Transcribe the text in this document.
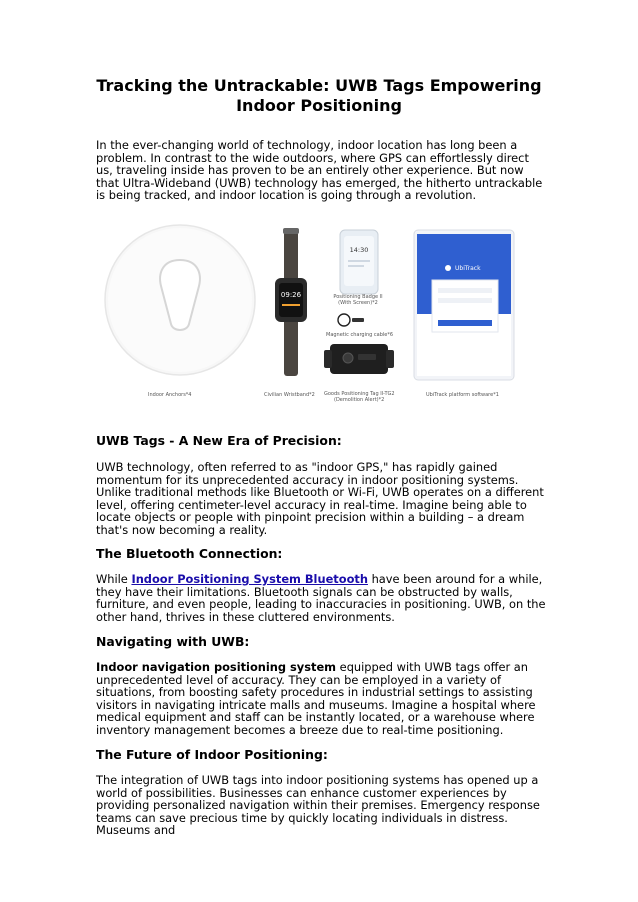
Tracking the Untrackable: UWB Tags Empowering Indoor Positioning

In the ever-changing world of technology, indoor location has long been a problem. In contrast to the wide outdoors, where GPS can effortlessly direct us, traveling inside has proven to be an entirely other experience. But now that Ultra-Wideband (UWB) technology has emerged, the hitherto untrackable is being tracked, and indoor location is going through a revolution.

09:26
14:30
UbiTrack
Indoor Anchors*4	Civilian Wristband*2
Positioning Badge II (With Screen)*2
Magnetic charging cable*6
Goods Positioning Tag II-TG2
(Demolition Alert)*2
UbiTrack platform software*1
UWB Tags - A New Era of Precision:

UWB technology, often referred to as "indoor GPS," has rapidly gained momentum for its unprecedented accuracy in indoor positioning systems. Unlike traditional methods like Bluetooth or Wi-Fi, UWB operates on a different level, offering centimeter-level accuracy in real-time. Imagine being able to locate objects or people with pinpoint precision within a building – a dream that's now becoming a reality.

The Bluetooth Connection:

While Indoor Positioning System Bluetooth have been around for a while, they have their limitations. Bluetooth signals can be obstructed by walls, furniture, and even people, leading to inaccuracies in positioning. UWB, on the other hand, thrives in these cluttered environments.

Navigating with UWB:

Indoor navigation positioning system equipped with UWB tags offer an unprecedented level of accuracy. They can be employed in a variety of situations, from boosting safety procedures in industrial settings to assisting visitors in navigating intricate malls and museums. Imagine a hospital where medical equipment and staff can be instantly located, or a warehouse where inventory management becomes a breeze due to real-time positioning.

The Future of Indoor Positioning:

The integration of UWB tags into indoor positioning systems has opened up a world of possibilities. Businesses can enhance customer experiences by providing personalized navigation within their premises. Emergency response teams can save precious time by quickly locating individuals in distress. Museums and
